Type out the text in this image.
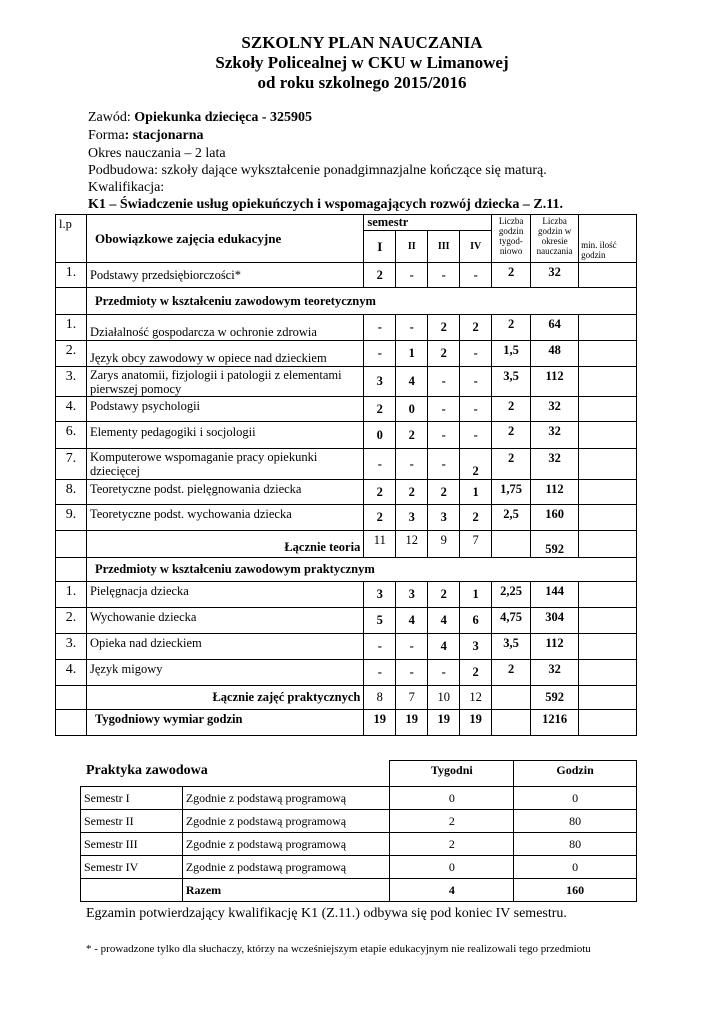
SZKOLNY PLAN NAUCZANIA
Szkoły Policealnej w CKU w Limanowej
od roku szkolnego 2015/2016
Zawód: Opiekunka dziecięca - 325905
Forma: stacjonarna
Okres nauczania – 2 lata
Podbudowa: szkoły dające wykształcenie ponadgimnazjalne kończące się maturą.
Kwalifikacja:
K1 – Świadczenie usług opiekuńczych i wspomagających rozwój dziecka – Z.11.
l.p	Obowiązkowe zajęcia edukacyjne	semestr				Liczba godzin tygod-niowo	Liczba godzin w okresie nauczania	min. ilość godzin
		I	II	III	IV			
1.	Podstawy przedsiębiorczości*	2	-	-	-	2	32	
	Przedmioty w kształceniu zawodowym teoretycznym							
1.	Działalność gospodarcza w ochronie zdrowia	-	-	2	2	2	64	
2.	Język obcy zawodowy w opiece nad dzieckiem	-	1	2	-	1,5	48	
3.	Zarys anatomii, fizjologii i patologii z elementami pierwszej pomocy	3	4	-	-	3,5	112	
4.	Podstawy psychologii	2	0	-	-	2	32	
6.	Elementy pedagogiki i socjologii	0	2	-	-	2	32	
7.	Komputerowe wspomaganie pracy opiekunki dziecięcej	-	-	-	2	2	32	
8.	Teoretyczne podst. pielęgnowania dziecka	2	2	2	1	1,75	112	
9.	Teoretyczne podst. wychowania dziecka	2	3	3	2	2,5	160	
	Łącznie teoria	11	12	9	7		592	
	Przedmioty w kształceniu zawodowym praktycznym							
1.	Pielęgnacja dziecka	3	3	2	1	2,25	144	
2.	Wychowanie dziecka	5	4	4	6	4,75	304	
3.	Opieka nad dzieckiem	-	-	4	3	3,5	112	
4.	Język migowy	-	-	-	2	2	32	
	Łącznie zajęć praktycznych	8	7	10	12		592	
	Tygodniowy wymiar godzin	19	19	19	19		1216	
Praktyka zawodowa
			Tygodni	Godzin
Semestr I	Zgodnie z podstawą programową	0	0
Semestr II	Zgodnie z podstawą programową	2	80
Semestr III	Zgodnie z podstawą programową	2	80
Semestr IV	Zgodnie z podstawą programową	0	0
	Razem	4	160
Egzamin potwierdzający kwalifikację K1 (Z.11.) odbywa się pod koniec IV semestru.
* - prowadzone tylko dla słuchaczy, którzy na wcześniejszym etapie edukacyjnym nie realizowali tego przedmiotu
